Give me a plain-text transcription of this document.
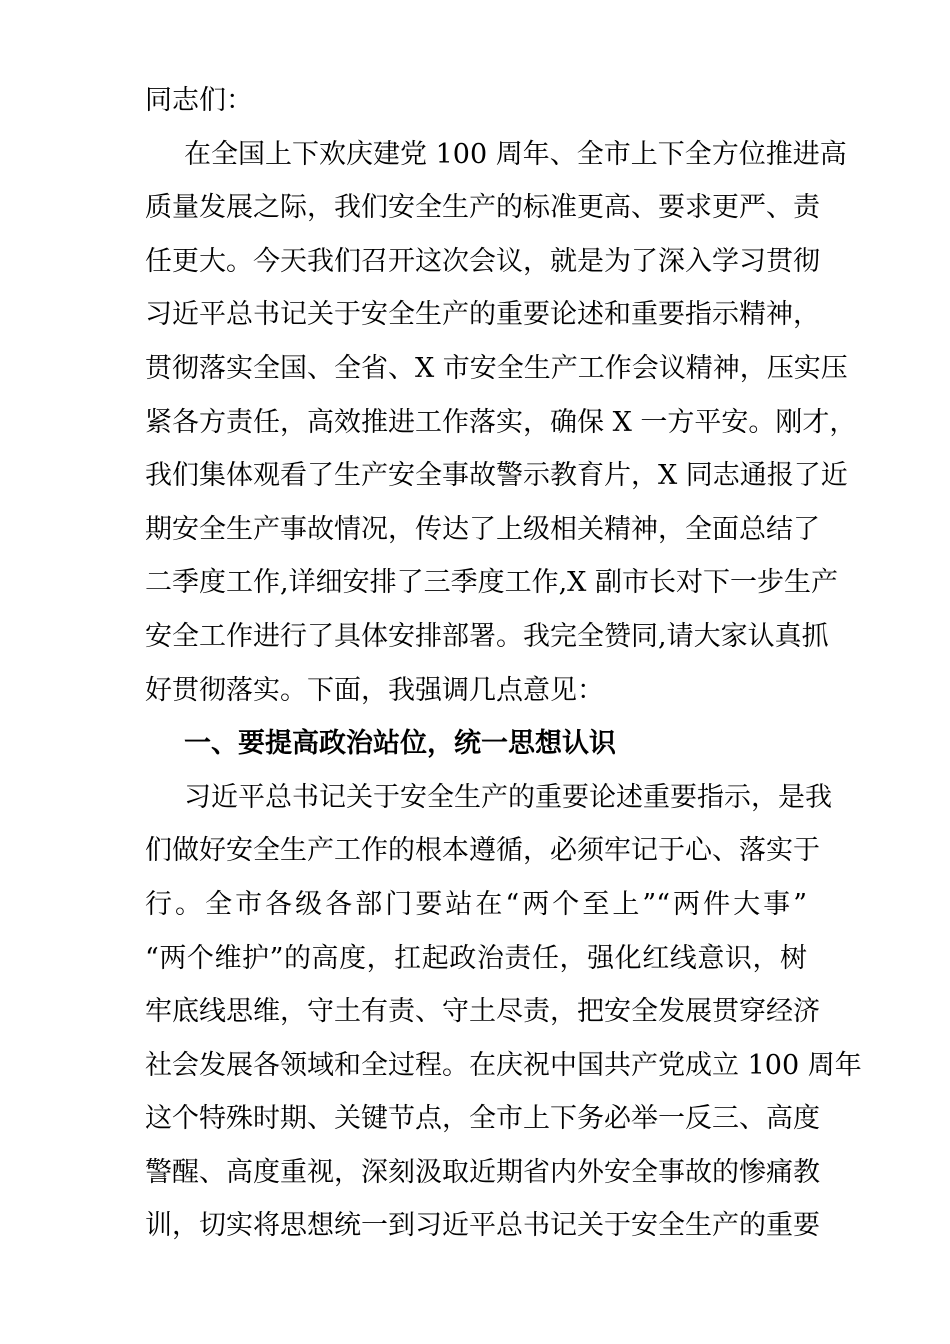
同志们：
在全国上下欢庆建党 100 周年、全市上下全方位推进高
质量发展之际，我们安全生产的标准更高、要求更严、责
任更大。今天我们召开这次会议，就是为了深入学习贯彻
习近平总书记关于安全生产的重要论述和重要指示精神，
贯彻落实全国、全省、X 市安全生产工作会议精神，压实压
紧各方责任，高效推进工作落实，确保 X 一方平安。刚才，
我们集体观看了生产安全事故警示教育片，X 同志通报了近
期安全生产事故情况，传达了上级相关精神，全面总结了
二季度工作,详细安排了三季度工作,X 副市长对下一步生产
安全工作进行了具体安排部署。我完全赞同,请大家认真抓
好贯彻落实。下面，我强调几点意见：
一、要提高政治站位，统一思想认识
习近平总书记关于安全生产的重要论述重要指示，是我
们做好安全生产工作的根本遵循，必须牢记于心、落实于
行。全市各级各部门要站在“两个至上”“两件大事”
“两个维护”的高度，扛起政治责任，强化红线意识，树
牢底线思维，守土有责、守土尽责，把安全发展贯穿经济
社会发展各领域和全过程。在庆祝中国共产党成立 100 周年
这个特殊时期、关键节点，全市上下务必举一反三、高度
警醒、高度重视，深刻汲取近期省内外安全事故的惨痛教
训，切实将思想统一到习近平总书记关于安全生产的重要
